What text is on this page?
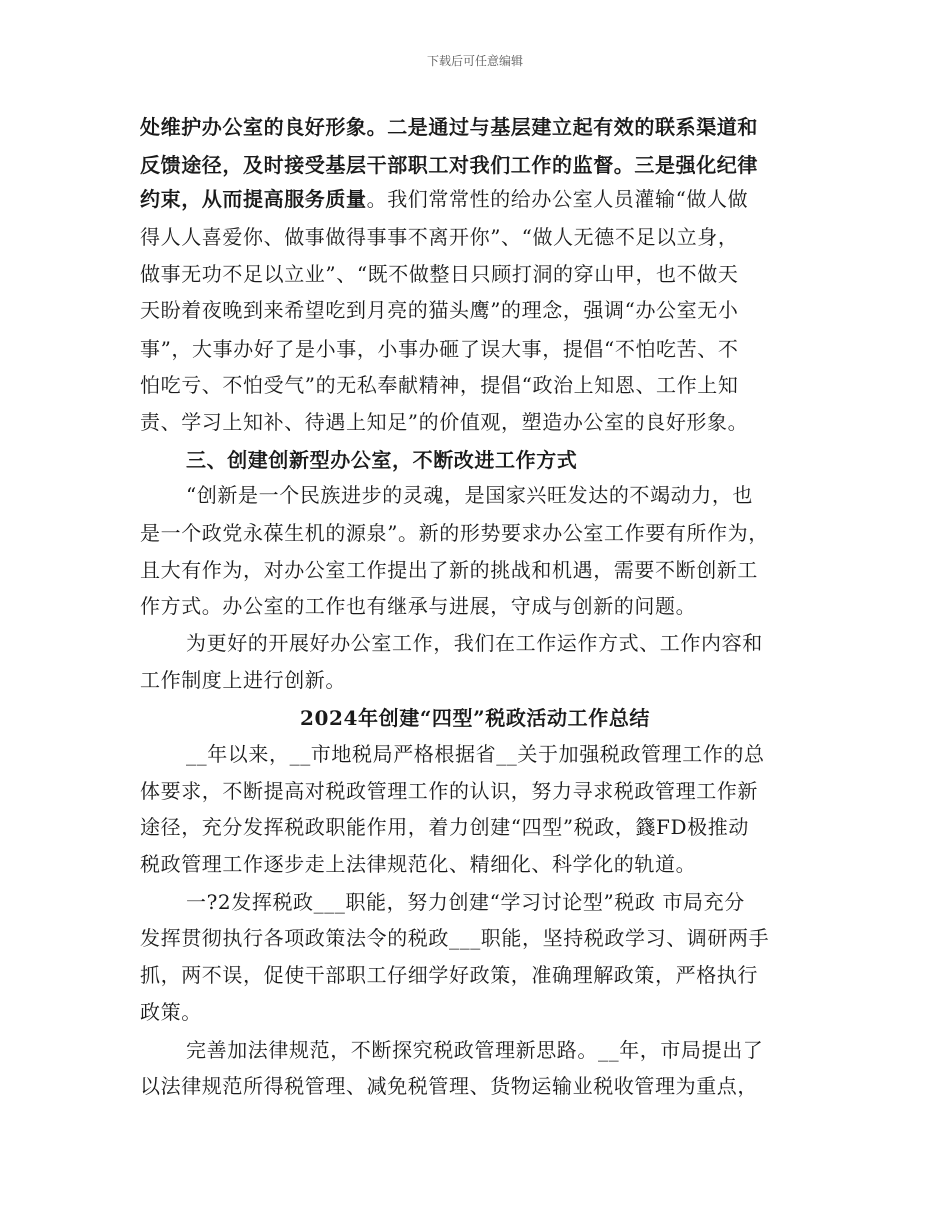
下载后可任意编辑
处维护办公室的良好形象。二是通过与基层建立起有效的联系渠道和
反馈途径，及时接受基层干部职工对我们工作的监督。三是强化纪律
约束，从而提高服务质量。我们常常性的给办公室人员灌输“做人做
得人人喜爱你、做事做得事事不离开你”、“做人无德不足以立身，
做事无功不足以立业”、“既不做整日只顾打洞的穿山甲，也不做天
天盼着夜晚到来希望吃到月亮的猫头鹰”的理念，强调“办公室无小
事”，大事办好了是小事，小事办砸了误大事，提倡“不怕吃苦、不
怕吃亏、不怕受气”的无私奉献精神，提倡“政治上知恩、工作上知
责、学习上知补、待遇上知足”的价值观，塑造办公室的良好形象。
三、创建创新型办公室，不断改进工作方式
“创新是一个民族进步的灵魂，是国家兴旺发达的不竭动力，也
是一个政党永葆生机的源泉”。新的形势要求办公室工作要有所作为，
且大有作为，对办公室工作提出了新的挑战和机遇，需要不断创新工
作方式。办公室的工作也有继承与进展，守成与创新的问题。
为更好的开展好办公室工作，我们在工作运作方式、工作内容和
工作制度上进行创新。
2024年创建“四型”税政活动工作总结
__年以来，__市地税局严格根据省__关于加强税政管理工作的总
体要求，不断提高对税政管理工作的认识，努力寻求税政管理工作新
途径，充分发挥税政职能作用，着力创建“四型”税政，籛FD极推动
税政管理工作逐步走上法律规范化、精细化、科学化的轨道。
一?2发挥税政___职能，努力创建“学习讨论型”税政 市局充分
发挥贯彻执行各项政策法令的税政___职能，坚持税政学习、调研两手
抓，两不误，促使干部职工仔细学好政策，准确理解政策，严格执行
政策。
完善加法律规范，不断探究税政管理新思路。__年，市局提出了
以法律规范所得税管理、减免税管理、货物运输业税收管理为重点，
